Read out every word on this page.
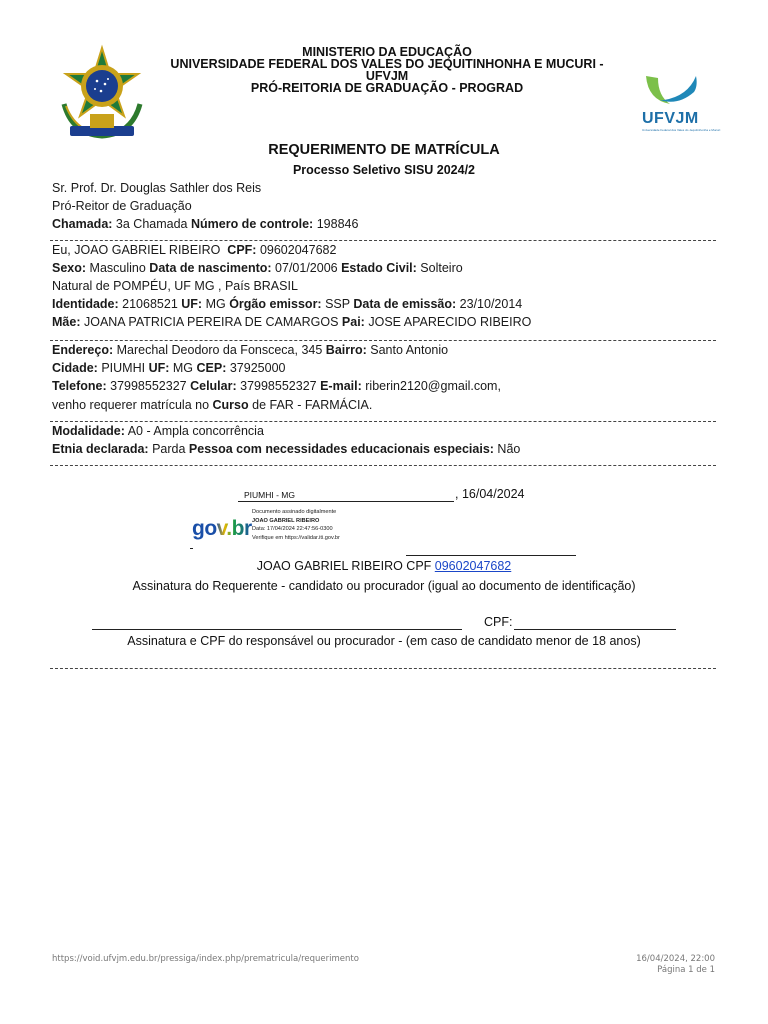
MINISTERIO DA EDUCAÇÃO
UNIVERSIDADE FEDERAL DOS VALES DO JEQUITINHONHA E MUCURI -
UFVJM
PRÓ-REITORIA DE GRADUAÇÃO - PROGRAD
UFVJM
Universidade Federal dos Vales do Jequitinhonha e Mucuri
REQUERIMENTO DE MATRÍCULA
Processo Seletivo SISU 2024/2
Sr. Prof. Dr. Douglas Sathler dos Reis
Pró-Reitor de Graduação
Chamada: 3a Chamada Número de controle: 198846
Eu, JOAO GABRIEL RIBEIRO CPF: 09602047682
Sexo: Masculino Data de nascimento: 07/01/2006 Estado Civil: Solteiro
Natural de POMPÉU, UF MG , País BRASIL
Identidade: 21068521 UF: MG Órgão emissor: SSP Data de emissão: 23/10/2014
Mãe: JOANA PATRICIA PEREIRA DE CAMARGOS Pai: JOSE APARECIDO RIBEIRO
Endereço: Marechal Deodoro da Fonsceca, 345 Bairro: Santo Antonio
Cidade: PIUMHI UF: MG CEP: 37925000
Telefone: 37998552327 Celular: 37998552327 E-mail: riberin2120@gmail.com,
venho requerer matrícula no Curso de FAR - FARMÁCIA.
Modalidade: A0 - Ampla concorrência
Etnia declarada: Parda Pessoa com necessidades educacionais especiais: Não
PIUMHI - MG	, 16/04/2024
gov.br
Documento assinado digitalmente
JOAO GABRIEL RIBEIRO
Data: 17/04/2024 22:47:56-0300
Verifique em https://validar.iti.gov.br
JOAO GABRIEL RIBEIRO CPF 09602047682
Assinatura do Requerente - candidato ou procurador (igual ao documento de identificação)
CPF:
Assinatura e CPF do responsável ou procurador - (em caso de candidato menor de 18 anos)
https://void.ufvjm.edu.br/pressiga/index.php/prematricula/requerimento	16/04/2024, 22:00
Página 1 de 1
